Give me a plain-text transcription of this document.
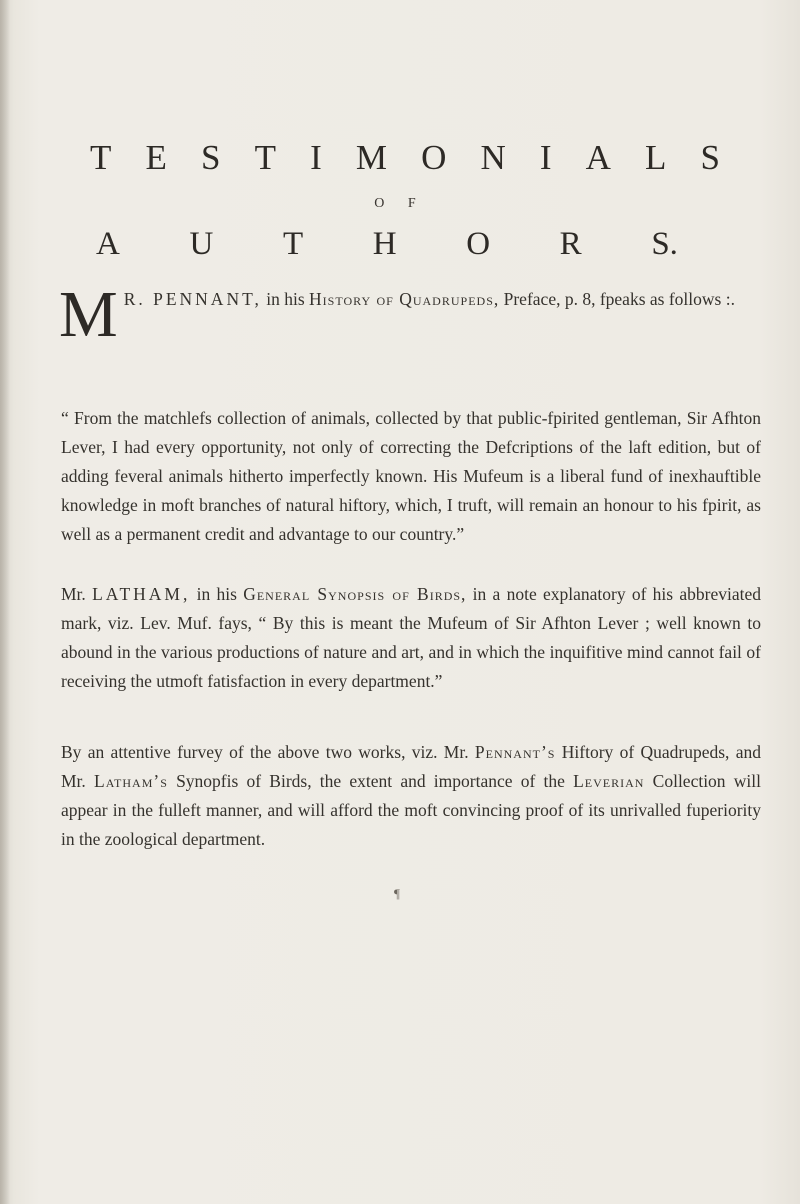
T E S T I M O N I A L S
O F
A U T H O R S.
M R. PENNANT, in his History of Quadrupeds, Preface, p. 8, fpeaks as follows :.
“ From the matchlefs collection of animals, collected by that public-fpirited gentleman, Sir Afhton Lever, I had every opportunity, not only of correcting the Defcriptions of the laft edition, but of adding feveral animals hitherto imperfectly known. His Mufeum is a liberal fund of inexhauftible knowledge in moft branches of natural hiftory, which, I truft, will remain an honour to his fpirit, as well as a permanent credit and advantage to our country.”
Mr. LATHAM, in his General Synopsis of Birds, in a note explanatory of his abbreviated mark, viz. Lev. Muf. fays, “ By this is meant the Mufeum of Sir Afhton Lever ; well known to abound in the various productions of nature and art, and in which the inquifitive mind cannot fail of receiving the utmoft fatisfaction in every department.”
By an attentive furvey of the above two works, viz. Mr. Pennant’s Hiftory of Quadrupeds, and Mr. Latham’s Synopfis of Birds, the extent and importance of the Leverian Collection will appear in the fulleft manner, and will afford the moft convincing proof of its unrivalled fuperiority in the zoological department.
¶
